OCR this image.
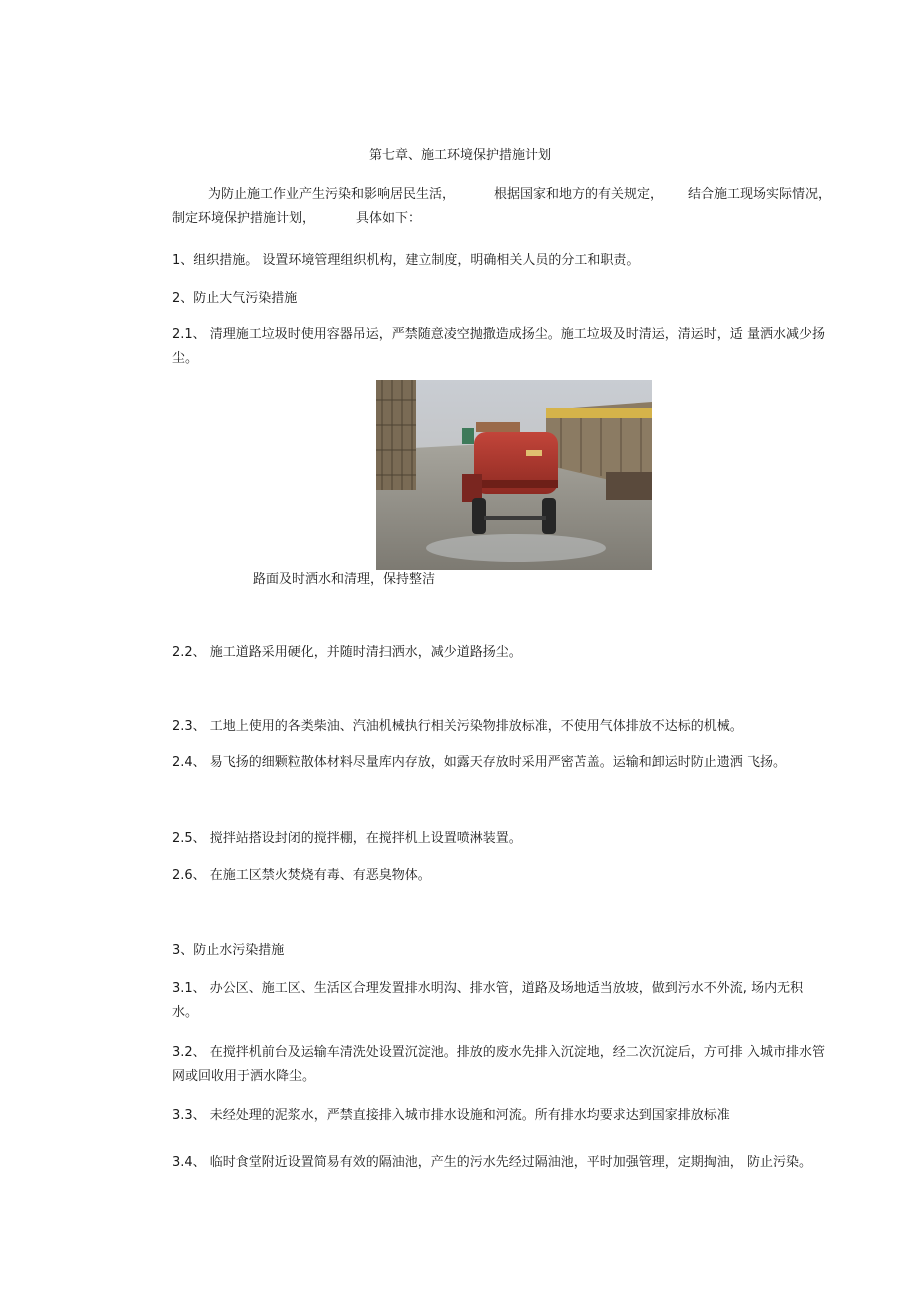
第七章、施工环境保护措施计划
为防止施工作业产生污染和影响居民生活，	根据国家和地方的有关规定， 结合施工现场实际情况，
制定环境保护措施计划，	具体如下：
1、组织措施。 设置环境管理组织机构，建立制度，明确相关人员的分工和职责。
2、防止大气污染措施
2.1、 清理施工垃圾时使用容器吊运，严禁随意凌空抛撒造成扬尘。施工垃圾及时清运，清运时，适 量洒水减少扬
尘。
路面及时洒水和清理，保持整洁
2.2、 施工道路采用硬化，并随时清扫洒水，减少道路扬尘。
2.3、 工地上使用的各类柴油、汽油机械执行相关污染物排放标准，不使用气体排放不达标的机械。
2.4、 易飞扬的细颗粒散体材料尽量库内存放，如露天存放时采用严密苫盖。运输和卸运时防止遗洒 飞扬。
2.5、 搅拌站搭设封闭的搅拌棚，在搅拌机上设置喷淋装置。
2.6、 在施工区禁火焚烧有毒、有恶臭物体。
3、防止水污染措施
3.1、 办公区、施工区、生活区合理发置排水明沟、排水管，道路及场地适当放坡，做到污水不外流, 场内无积
水。
3.2、 在搅拌机前台及运输车清洗处设置沉淀池。排放的废水先排入沉淀地，经二次沉淀后，方可排 入城市排水管
网或回收用于洒水降尘。
3.3、 未经处理的泥浆水，严禁直接排入城市排水设施和河流。所有排水均要求达到国家排放标准
3.4、 临时食堂附近设置简易有效的隔油池，产生的污水先经过隔油池，平时加强管理，定期掏油， 防止污染。
